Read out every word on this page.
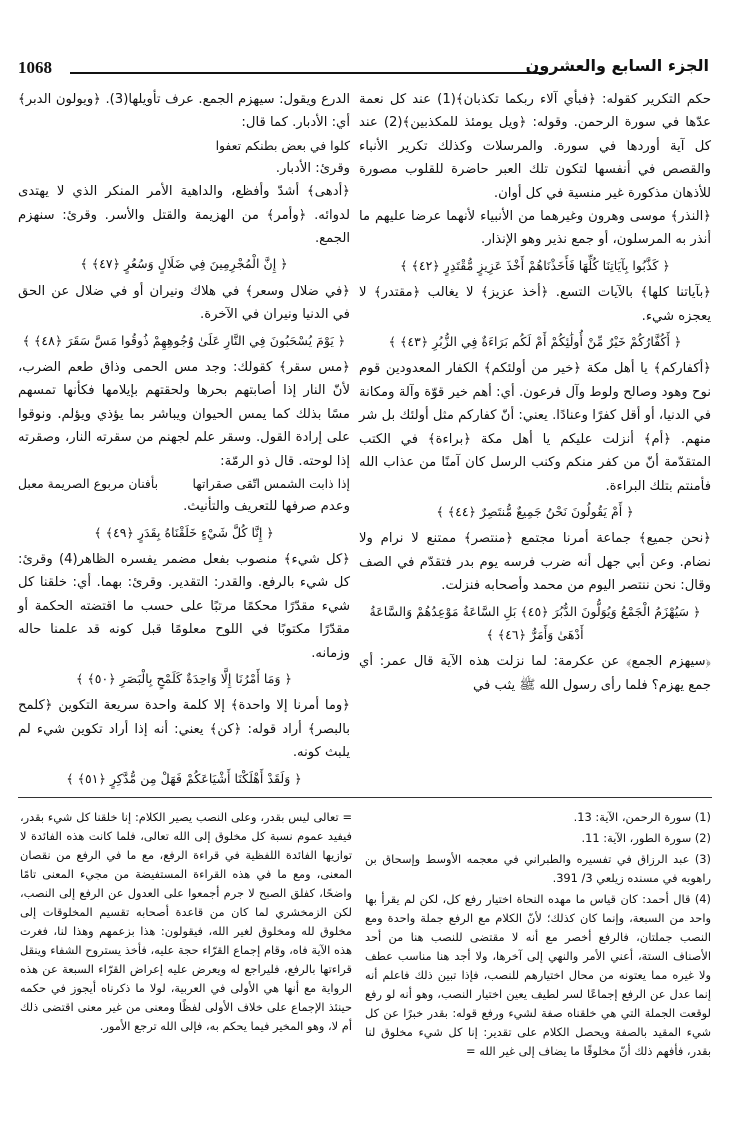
1068	الجزء السابع والعشرون

حكم التكرير كقوله: ﴿فبأي آلاء ربكما تكذبان﴾(1) عند كل نعمة عدّها في سورة الرحمن. وقوله: ﴿ويل يومئذ للمكذبين﴾(2) عند كل آية أوردها في سورة. والمرسلات وكذلك تكرير الأنباء والقصص في أنفسها لتكون تلك العبر حاضرة للقلوب مصورة للأذهان مذكورة غير منسية في كل أوان.

﴿النذر﴾ موسى وهرون وغيرهما من الأنبياء لأنهما عرضا عليهم ما أنذر به المرسلون، أو جمع نذير وهو الإنذار.

﴿ كَذَّبُوا بِآيَاتِنَا كُلِّهَا فَأَخَذْنَاهُمْ أَخْذَ عَزِيزٍ مُّقْتَدِرٍ ﴿٤٢﴾ ﴾

﴿بآياتنا كلها﴾ بالآيات التسع. ﴿أخذ عزيز﴾ لا يغالب ﴿مقتدر﴾ لا يعجزه شيء.

﴿ أَكُفَّارُكُمْ خَيْرٌ مِّنْ أُولَٰئِكُمْ أَمْ لَكُم بَرَاءَةٌ فِي الزُّبُرِ ﴿٤٣﴾ ﴾

﴿أكفاركم﴾ يا أهل مكة ﴿خير من أولئكم﴾ الكفار المعدودين قوم نوح وهود وصالح ولوط وآل فرعون. أي: أهم خير قوّة وآلة ومكانة في الدنيا، أو أقل كفرًا وعنادًا. يعني: أنّ كفاركم مثل أولئك بل شر منهم. ﴿أم﴾ أنزلت عليكم يا أهل مكة ﴿براءة﴾ في الكتب المتقدّمة أنّ من كفر منكم وكنب الرسل كان آمنًا من عذاب الله فأمنتم بتلك البراءة.

﴿ أَمْ يَقُولُونَ نَحْنُ جَمِيعٌ مُّنتَصِرٌ ﴿٤٤﴾ ﴾

﴿نحن جميع﴾ جماعة أمرنا مجتمع ﴿منتصر﴾ ممتنع لا نرام ولا نضام. وعن أبي جهل أنه ضرب فرسه يوم بدر فتقدّم في الصف وقال: نحن ننتصر اليوم من محمد وأصحابه فنزلت.

﴿ سَيُهْزَمُ الْجَمْعُ وَيُوَلُّونَ الدُّبُرَ ﴿٤٥﴾ بَلِ السَّاعَةُ مَوْعِدُهُمْ وَالسَّاعَةُ أَدْهَىٰ وَأَمَرُّ ﴿٤٦﴾ ﴾

﴿سيهزم الجمع﴾ عن عكرمة: لما نزلت هذه الآية قال عمر: أي جمع يهزم؟ فلما رأى رسول الله ﷺ يثب في

الدرع ويقول: سيهزم الجمع. عرف تأويلها(3). ﴿ويولون الدبر﴾ أي: الأدبار. كما قال:

كلوا في بعض بطنكم تعفوا

وقرئ: الأدبار.

﴿أدهى﴾ أشدّ وأفظع، والداهية الأمر المنكر الذي لا يهتدى لدوائه. ﴿وأمر﴾ من الهزيمة والقتل والأسر. وقرئ: سنهزم الجمع.

﴿ إِنَّ الْمُجْرِمِينَ فِي ضَلَالٍ وَسُعُرٍ ﴿٤٧﴾ ﴾

﴿في ضلال وسعر﴾ في هلاك ونيران أو في ضلال عن الحق في الدنيا ونيران في الآخرة.

﴿ يَوْمَ يُسْحَبُونَ فِي النَّارِ عَلَىٰ وُجُوهِهِمْ ذُوقُوا مَسَّ سَقَرَ ﴿٤٨﴾ ﴾

﴿مس سقر﴾ كقولك: وجد مس الحمى وذاق طعم الضرب، لأنّ النار إذا أصابتهم بحرها ولحقتهم بإيلامها فكأنها تمسهم مسًا بذلك كما يمس الحيوان ويباشر بما يؤذي ويؤلم. ونوقوا على إرادة القول. وسقر علم لجهنم من سقرته النار، وصقرته إذا لوحته. قال ذو الرمّة:

إذا ذابت الشمس اتّقى صقراتها
بأفنان مربوع الصريمة معبل

وعدم صرفها للتعريف والتأنيث.

﴿ إِنَّا كُلَّ شَيْءٍ خَلَقْنَاهُ بِقَدَرٍ ﴿٤٩﴾ ﴾

﴿كل شيء﴾ منصوب بفعل مضمر يفسره الظاهر(4) وقرئ: كل شيء بالرفع. والقدر: التقدير. وقرئ: بهما. أي: خلقنا كل شيء مقدّرًا محكمًا مرتبًا على حسب ما اقتضته الحكمة أو مقدّرًا مكتوبًا في اللوح معلومًا قبل كونه قد علمنا حاله وزمانه.

﴿ وَمَا أَمْرُنَا إِلَّا وَاحِدَةٌ كَلَمْحٍ بِالْبَصَرِ ﴿٥٠﴾ ﴾

﴿وما أمرنا إلا واحدة﴾ إلا كلمة واحدة سريعة التكوين ﴿كلمح بالبصر﴾ أراد قوله: ﴿كن﴾ يعني: أنه إذا أراد تكوين شيء لم يلبث كونه.

﴿ وَلَقَدْ أَهْلَكْنَا أَشْيَاعَكُمْ فَهَلْ مِن مُّدَّكِرٍ ﴿٥١﴾ ﴾

(1) سورة الرحمن، الآية: 13.

(2) سورة الطور، الآية: 11.

(3) عبد الرزاق في تفسيره والطبراني في معجمه الأوسط وإسحاق بن راهويه في مسنده زيلعي 3/ 391.

(4) قال أحمد: كان قياس ما مهده النحاة اختيار رفع كل، لكن لم يقرأ بها واحد من السبعة، وإنما كان كذلك؛ لأنّ الكلام مع الرفع جملة واحدة ومع النصب جملتان، فالرفع أخصر مع أنه لا مقتضى للنصب هنا من أحد الأصناف الستة، أعني الأمر والنهي إلى آخرها، ولا أجد هنا مناسب عطف ولا غيره مما يعتونه من محال اختيارهم للنصب، فإذا تبين ذلك فاعلم أنه إنما عدل عن الرفع إجماعًا لسر لطيف يعين اختيار النصب، وهو أنه لو رفع لوقعت الجملة التي هي خلقناه صفة لشيء ورفع قوله: بقدر خبرًا عن كل شيء المقيد بالصفة ويحصل الكلام على تقدير: إنا كل شيء مخلوق لنا بقدر، فأفهم ذلك أنّ مخلوقًا ما يضاف إلى غير الله =

= تعالى ليس بقدر، وعلى النصب يصير الكلام: إنا خلقنا كل شيء بقدر، فيفيد عموم نسبة كل مخلوق إلى الله تعالى، فلما كانت هذه الفائدة لا توازيها الفائدة اللفظية في قراءة الرفع، مع ما في الرفع من نقصان المعنى، ومع ما في هذه القراءة المستفيضة من مجيء المعنى تامًا واضحًا، كفلق الصبح لا جرم أجمعوا على العدول عن الرفع إلى النصب، لكن الزمخشري لما كان من قاعدة أصحابه تقسيم المخلوقات إلى مخلوق لله ومخلوق لغير الله، فيقولون: هذا بزعمهم وهذا لنا، فغرت هذه الآية فاه، وقام إجماع القرّاء حجة عليه، فأخذ يستروح الشفاء وينقل قراءتها بالرفع، فليراجع له ويعرض عليه إعراض القرّاء السبعة عن هذه الرواية مع أنها هي الأولى في العربية، لولا ما ذكرناه أيجوز في حكمه حينئذ الإجماع على خلاف الأولى لفظًا ومعنى من غير معنى اقتضى ذلك أم لا، وهو المخير فيما يحكم به، فإلى الله ترجع الأمور.
